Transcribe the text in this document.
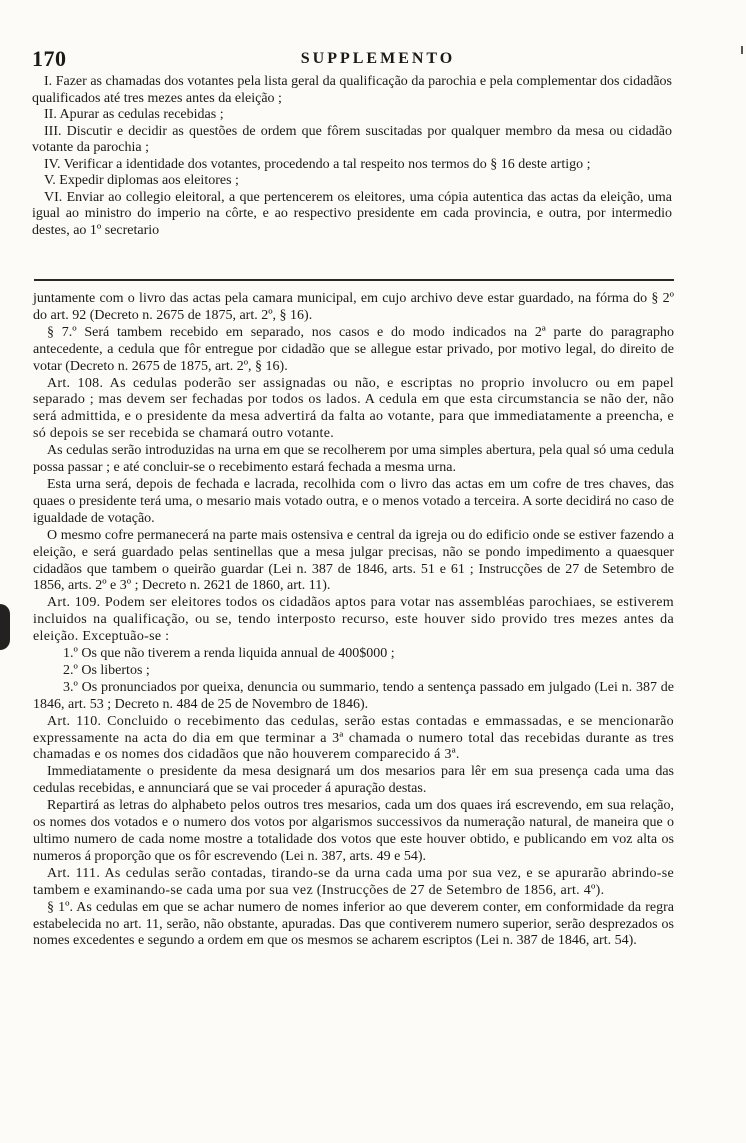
170	SUPPLEMENTO

I. Fazer as chamadas dos votantes pela lista geral da qualificação da parochia e pela complementar dos cidadãos qualificados até tres mezes antes da eleição ;

II. Apurar as cedulas recebidas ;

III. Discutir e decidir as questões de ordem que fôrem suscitadas por qualquer membro da mesa ou cidadão votante da parochia ;

IV. Verificar a identidade dos votantes, procedendo a tal respeito nos termos do § 16 deste artigo ;

V. Expedir diplomas aos eleitores ;

VI. Enviar ao collegio eleitoral, a que pertencerem os eleitores, uma cópia autentica das actas da eleição, uma igual ao ministro do imperio na côrte, e ao respectivo presidente em cada provincia, e outra, por intermedio destes, ao 1º secretario

juntamente com o livro das actas pela camara municipal, em cujo archivo deve estar guardado, na fórma do § 2º do art. 92 (Decreto n. 2675 de 1875, art. 2º, § 16).

§ 7.º Será tambem recebido em separado, nos casos e do modo indicados na 2ª parte do paragrapho antecedente, a cedula que fôr entregue por cidadão que se allegue estar privado, por motivo legal, do direito de votar (Decreto n. 2675 de 1875, art. 2º, § 16).

Art. 108. As cedulas poderão ser assignadas ou não, e escriptas no proprio involucro ou em papel separado ; mas devem ser fechadas por todos os lados. A cedula em que esta circumstancia se não der, não será admittida, e o presidente da mesa advertirá da falta ao votante, para que immediatamente a preencha, e só depois se ser recebida se chamará outro votante.

As cedulas serão introduzidas na urna em que se recolherem por uma simples abertura, pela qual só uma cedula possa passar ; e até concluir-se o recebimento estará fechada a mesma urna.

Esta urna será, depois de fechada e lacrada, recolhida com o livro das actas em um cofre de tres chaves, das quaes o presidente terá uma, o mesario mais votado outra, e o menos votado a terceira. A sorte decidirá no caso de igualdade de votação.

O mesmo cofre permanecerá na parte mais ostensiva e central da igreja ou do edificio onde se estiver fazendo a eleição, e será guardado pelas sentinellas que a mesa julgar precisas, não se pondo impedimento a quaesquer cidadãos que tambem o queirão guardar (Lei n. 387 de 1846, arts. 51 e 61 ; Instrucções de 27 de Setembro de 1856, arts. 2º e 3º ; Decreto n. 2621 de 1860, art. 11).

Art. 109. Podem ser eleitores todos os cidadãos aptos para votar nas assembléas parochiaes, se estiverem incluidos na qualificação, ou se, tendo interposto recurso, este houver sido provido tres mezes antes da eleição. Exceptuão-se :

1.º Os que não tiverem a renda liquida annual de 400$000 ;

2.º Os libertos ;

3.º Os pronunciados por queixa, denuncia ou summario, tendo a sentença passado em julgado (Lei n. 387 de 1846, art. 53 ; Decreto n. 484 de 25 de Novembro de 1846).

Art. 110. Concluido o recebimento das cedulas, serão estas contadas e emmassadas, e se mencionarão expressamente na acta do dia em que terminar a 3ª chamada o numero total das recebidas durante as tres chamadas e os nomes dos cidadãos que não houverem comparecido á 3ª.

Immediatamente o presidente da mesa designará um dos mesarios para lêr em sua presença cada uma das cedulas recebidas, e annunciará que se vai proceder á apuração destas.

Repartirá as letras do alphabeto pelos outros tres mesarios, cada um dos quaes irá escrevendo, em sua relação, os nomes dos votados e o numero dos votos por algarismos successivos da numeração natural, de maneira que o ultimo numero de cada nome mostre a totalidade dos votos que este houver obtido, e publicando em voz alta os numeros á proporção que os fôr escrevendo (Lei n. 387, arts. 49 e 54).

Art. 111. As cedulas serão contadas, tirando-se da urna cada uma por sua vez, e se apurarão abrindo-se tambem e examinando-se cada uma por sua vez (Instrucções de 27 de Setembro de 1856, art. 4º).

§ 1º. As cedulas em que se achar numero de nomes inferior ao que deverem conter, em conformidade da regra estabelecida no art. 11, serão, não obstante, apuradas. Das que contiverem numero superior, serão desprezados os nomes excedentes e segundo a ordem em que os mesmos se acharem escriptos (Lei n. 387 de 1846, art. 54).
